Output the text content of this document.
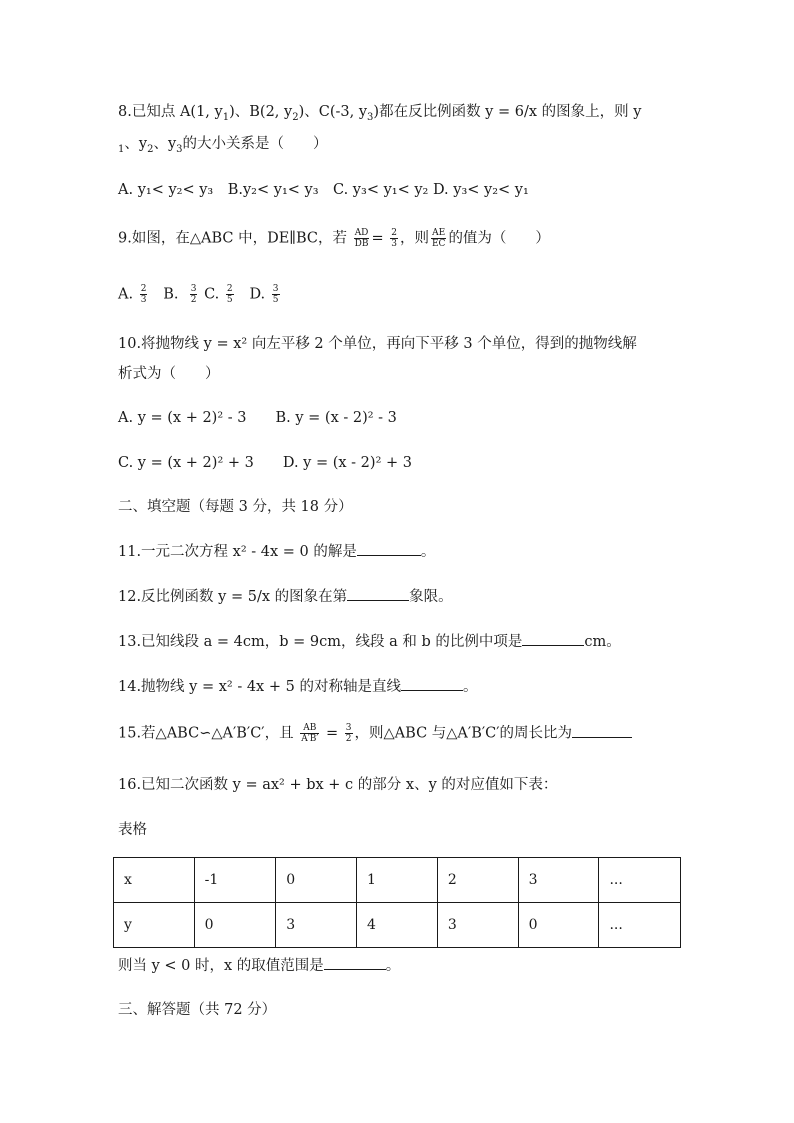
8.已知点 A(1, $y_1$)、B(2, $y_2$)、C(-3, $y_3$)都在反比例函数 y = 6/x 的图象上，则 y
$_1$、$y_2$、$y_3$的大小关系是（　　）
A. y₁< y₂< y₃　B.y₂< y₁< y₃　C. y₃< y₁< y₂ D. y₃< y₂< y₁
9.如图，在△ABC 中，DE∥BC，若 $\frac{AD}{DB} = \frac{2}{3}$ ，则 $\frac{AE}{EC}$ 的值为（　　）
A. $\frac{2}{3} B$. $\frac{3}{2} C$. $\frac{2}{5} D$. $\frac{3}{5}$
10.将抛物线 y = x² 向左平移 2 个单位，再向下平移 3 个单位，得到的抛物线解
析式为（　　）
A. y = (x + 2)² - 3　　B. y = (x - 2)² - 3
C. y = (x + 2)² + 3　　D. y = (x - 2)² + 3
二、填空题（每题 3 分，共 18 分）
11.一元二次方程 x² - 4x = 0 的解是	。
12.反比例函数 y = 5/x 的图象在第	象限。
13.已知线段 a = 4cm，b = 9cm，线段 a 和 b 的比例中项是	cm。
14.抛物线 y = x² - 4x + 5 的对称轴是直线	。
15.若△ABC∽△A′B′C′，且 $\frac{AB}{A'B'} = \frac{3}{2}$ ，则△ABC 与△A′B′C′的周长比为
16.已知二次函数 y = ax² + bx + c 的部分 x、y 的对应值如下表：
表格
x	-1	0	1	2	3	...
y	0	3	4	3	0	...
则当 y < 0 时，x 的取值范围是	。
三、解答题（共 72 分）
